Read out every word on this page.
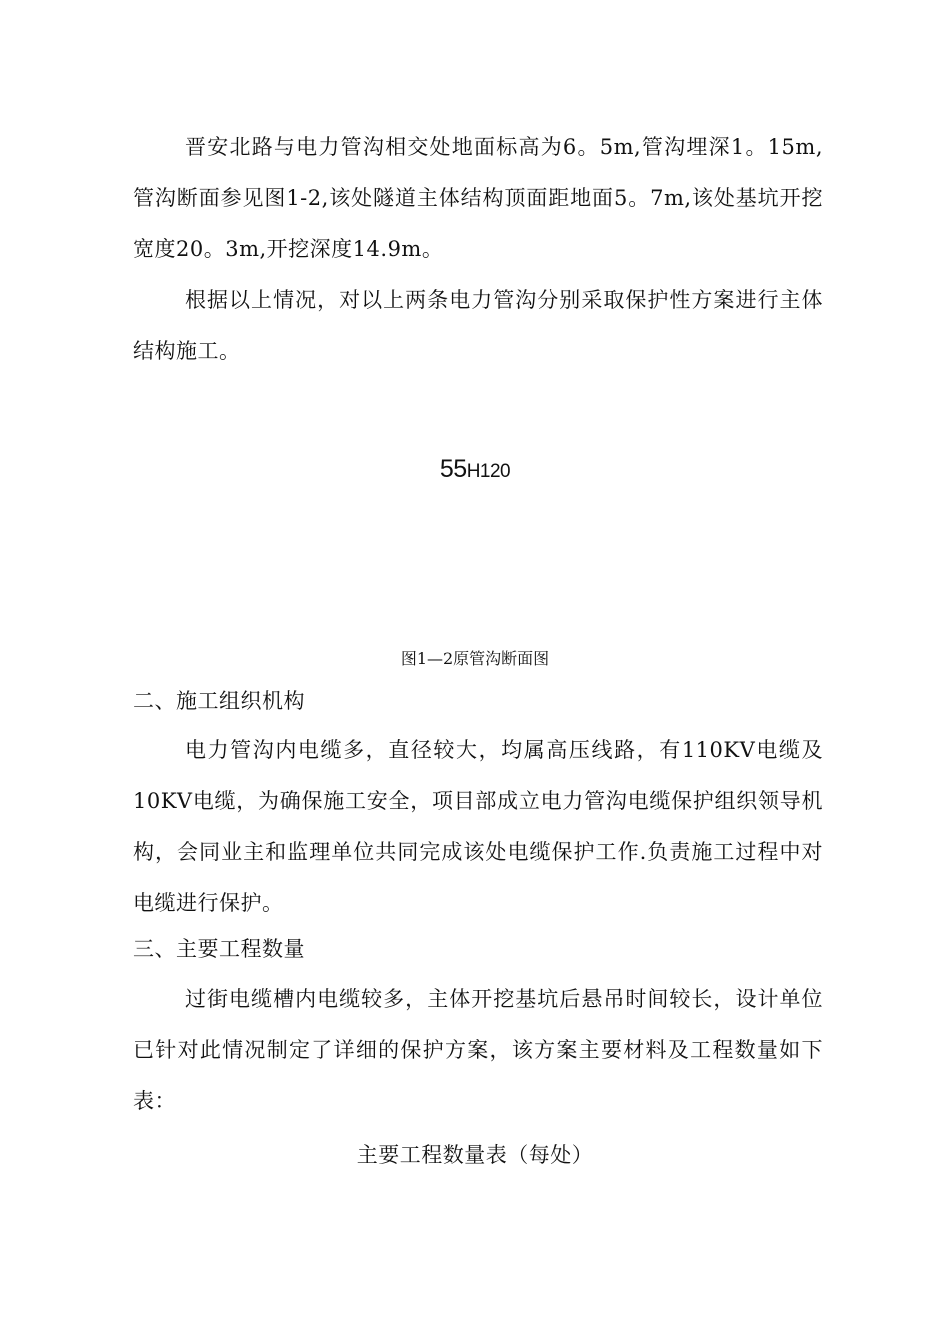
晋安北路与电力管沟相交处地面标高为6。5m,管沟埋深1。15m,管沟断面参见图1-2,该处隧道主体结构顶面距地面5。7m,该处基坑开挖宽度20。3m,开挖深度14.9m。

根据以上情况，对以上两条电力管沟分别采取保护性方案进行主体结构施工。

55H120

图1—2原管沟断面图

二、施工组织机构

电力管沟内电缆多，直径较大，均属高压线路，有110KV电缆及10KV电缆，为确保施工安全，项目部成立电力管沟电缆保护组织领导机构，会同业主和监理单位共同完成该处电缆保护工作.负责施工过程中对电缆进行保护。

三、主要工程数量

过街电缆槽内电缆较多，主体开挖基坑后悬吊时间较长，设计单位已针对此情况制定了详细的保护方案，该方案主要材料及工程数量如下表：

主要工程数量表（每处）
